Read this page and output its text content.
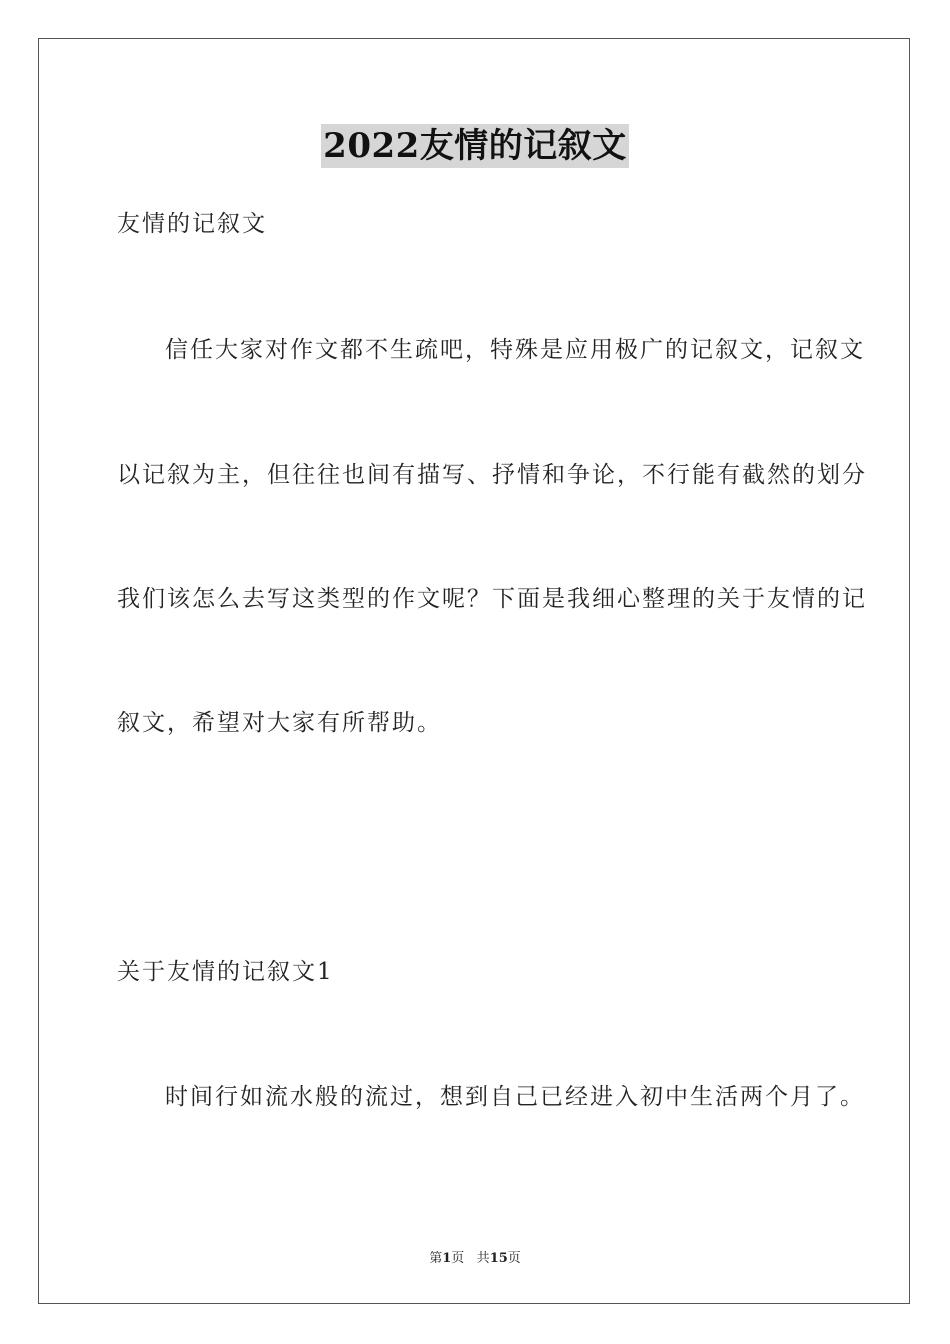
2022友情的记叙文
友情的记叙文
信任大家对作文都不生疏吧，特殊是应用极广的记叙文，记叙文
以记叙为主，但往往也间有描写、抒情和争论，不行能有截然的划分
我们该怎么去写这类型的作文呢？下面是我细心整理的关于友情的记
叙文，希望对大家有所帮助。
关于友情的记叙文1
时间行如流水般的流过，想到自己已经进入初中生活两个月了。
第1页 共15页
